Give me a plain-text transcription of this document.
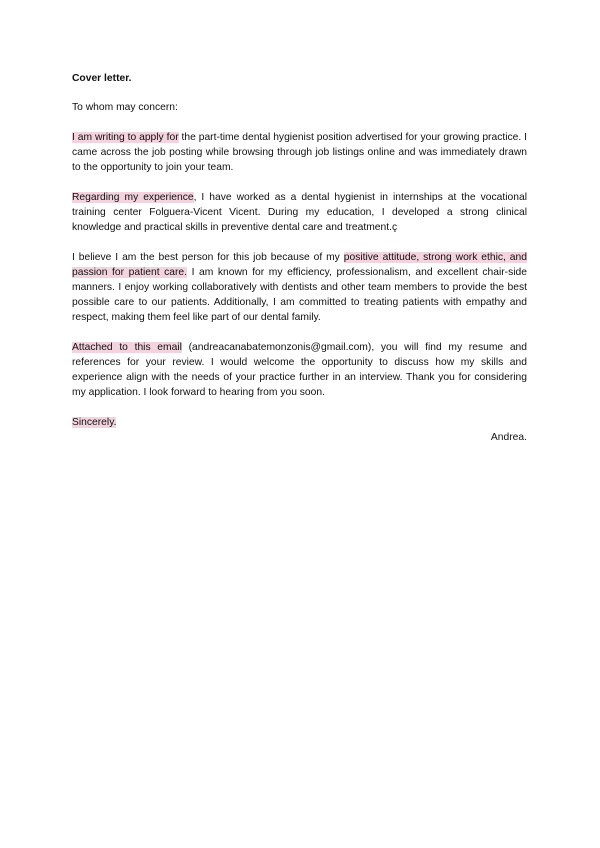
Cover letter.

To whom may concern:

I am writing to apply for the part-time dental hygienist position advertised for your growing practice. I came across the job posting while browsing through job listings online and was immediately drawn to the opportunity to join your team.

Regarding my experience, I have worked as a dental hygienist in internships at the vocational training center Folguera-Vicent Vicent. During my education, I developed a strong clinical knowledge and practical skills in preventive dental care and treatment.ç

I believe I am the best person for this job because of my positive attitude, strong work ethic, and passion for patient care. I am known for my efficiency, professionalism, and excellent chair-side manners. I enjoy working collaboratively with dentists and other team members to provide the best possible care to our patients. Additionally, I am committed to treating patients with empathy and respect, making them feel like part of our dental family.

Attached to this email (andreacanabatemonzonis@gmail.com), you will find my resume and references for your review. I would welcome the opportunity to discuss how my skills and experience align with the needs of your practice further in an interview. Thank you for considering my application. I look forward to hearing from you soon.

Sincerely.

Andrea.
